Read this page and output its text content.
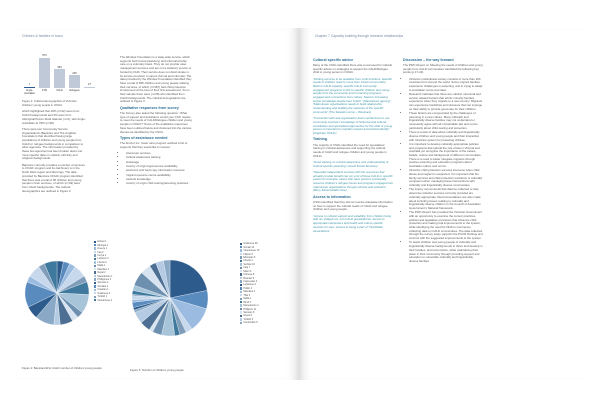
Children & families in focus
7
Anglo-Australian
573
ATSI
354
CALD
245
Refugees
27
Figure 3: Cultural demographics of Victorian children/ young people in OOHC

which highlighted that 18% (n=22) were from CALD backgrounds and 3% were from Aboriginal/Torres Strait Islander (n=4), with Anglo-Australian at 79% (n=96).

There were two Community Service Organisations (Baptcare and The Anglican Foundation) that identified having large populations of children and young people from CALD or refugee backgrounds in comparison to other agencies. The information provided by these two agencies has been broken down into more specific data on cultural, ethnicity and religious backgrounds.

Baptcare currently provides a number of services to OOHC program and its catchment is in the North West region and Mornings. The data provided by Baptcare OOHC program identified that there was a total of 95 children and young people in their services, of which (n=49) were from CALD backgrounds. The cultural demographics are outlined in Figure 2.

The Windsor Foundation is a state-wide service, which supports both formal (statutory) and informal kinship care on a voluntary basis. They do not provide case management services and are not a statutory service or funded by DHS. Their service does not discriminate in its service provision to carers (formal and informal). The data provided by the Windsor Foundation identified they have a total of 825 children and young people utilising their services, of which (n=387) had child protection involvement at the time of their first assessment. From their sample there were (n=28) who identified from CALD backgrounds. The cultural demographics are outlined in Figure 3.

Qualitative responses from survey

The Survey also asked the following question: 'What type of support and assistance would your CSO require to meet the needs of CALD/Refugee children and young people in OOHC?' Some of the qualitative responses have been outlined below and clustered into the various themes as identified by the CSOs.

Types of assistance needed

The Anchor Inc. foster care program outlined a list of supports that they would like to receive:

• interpreter services
• cultural awareness training
• brokerage
• country of origin legal service availability
• electronic and hard copy information resource
• migrant resource centre availability
• network knowledge
• country of origin child rearing/parenting practices
Eritrea 1
Ethiopia 1
Greece 1
Iraq 2
Kenya 1
Lebanon 2
Liberia 3
Malta 1
Mauritius 1
Nepal 2
Macedonian 1
Philippines 3
Samoan 2
Somalia 4
Croatian 1
Sudanese 2
Turkish 1
Vietnamese 2
Figure 2: Baptcare/W-H CALD number of children/ young people
Sudanese 39
Somali 14
Vietnamese 19
Filipino 5
Ethiopian 5
Liberia 4
Serbian 10
Iraqi 7
Maori 3
Chinese 8
Bosnian 9
Indonesian 2
Lebanese 2
Polish 4
Mauritius 2
Thai 3
Malta 1
Hindi 3
Macedonian 4
Phillipino 11
Samoan 8
Greek 5
Turkish 6
Cambodian 5
Figure 5: Number of children/ young people
Chapter 7 Capacity building through research relationships
Cultural specific advice

Many of the CSOs identified there was a real need for cultural specific advice on strategies to support the CALD/Refugee child or young person in OOHC.

"Finding services to be available from multi functions. Specific needs of children need to come from CALD communities. Build in CALD capacity, specific CALD community engagement programs to link to specific children and young people from the community and to teaching programs engaged and connections from culture. Need to increasing proper knowledge people here CALD." (Mainstream agency) "Mainstream organisations needs to build relationship, understanding and building the networks of the specific community" (The Salvation Army – Westcare)

"Connection with and organisation-level mechanisms to use community members' knowledge of historical and cultural sensitivities and specialised approaches for the child or young person is important to maintain respect and cultural identity" (Anglicare OOHC)

Training

The majority of CSOs identified the need for specialised training in cultural awareness and supporting the cultural needs of CALD and refugee children and young people in OOHC.

"Good training on cultural awareness and understanding of cultural specific parenting" (Jesuit Social Services)

"Specialist independent services with the resources that actually provide benefit can run a lot of these CALD or specific events for example, carers who have great to emotionally resource children's refugee issues and programs engaged into mainstream organisations through schools and networks" (Berry Street Health Care)

Access to information

CSOs identified that they did not receive adequate information on how to support the cultural needs of CALD and refugee children and young people.

"Access to cultural support and suitability, from children living with our indigenous, non-CALD grandparents, access to appropriate interpreters and health and culture specific services for care. Access to being a part of "Worldwide Associations"

Discussion – the way forward

The PWC Report on 'Meeting the needs of children and young people from CALD communities' identified the following key points (p.17-22):

• Victoria's multicultural society consists of more than 200 countries from around the world. Some migrant families experience challenges in parenting, and in trying to adapt to Australian norms and laws.
• Research indicates that there are cultural, structural and service related barriers that ethnic minority families experience when they migrate to a new country. Migrants can experience hardships and stressors that can impinge on their ability to provide good care for their children.
• These factors are compounded by the challenges of parenting in a new culture. Many culturally and linguistically diverse families may not understand or necessarily agree with all of Australian law and norms, particularly about child rearing and protection.
• There is a lack of data about culturally and linguistically diverse children and young people and their interaction with Victoria's system for protecting children.
• It is important to develop culturally appropriate policies and programs that uphold the rule of law in Victoria and Australia yet recognise the importance of the values, beliefs, culture and background of different communities. There is a need to better integrate migrants through positive parenting and education programs about Australian culture and norms.
• Victoria's child protection services intervene when child abuse and neglect is suspected. It is important that the family services and child protection workforce is culturally competent when managing these interventions with culturally and linguistically diverse communities.
• The inquiry recommends that data be collected to help determine whether services currently provided are culturally appropriate. Recommendations are also made about including issues relating to culturally and linguistically diverse children in the Council of Australian Government's National framework.
• The PWC Report has provided the Victorian Government with an opportunity to examine the current practices, policies and legislative provisions that influence child protection and making real improvements to the system, while identifying the need for DHS to commence collecting data on CALD communities. The data collected through the survey study supports the PCCR findings and concurs with the suggested improvements to the system.
• To assist children and young people of culturally and linguistically diverse backgrounds to thrive and develop in their families, and local culture, while maintaining their place in their community through providing support and education to vulnerable culturally and linguistically diverse families.
